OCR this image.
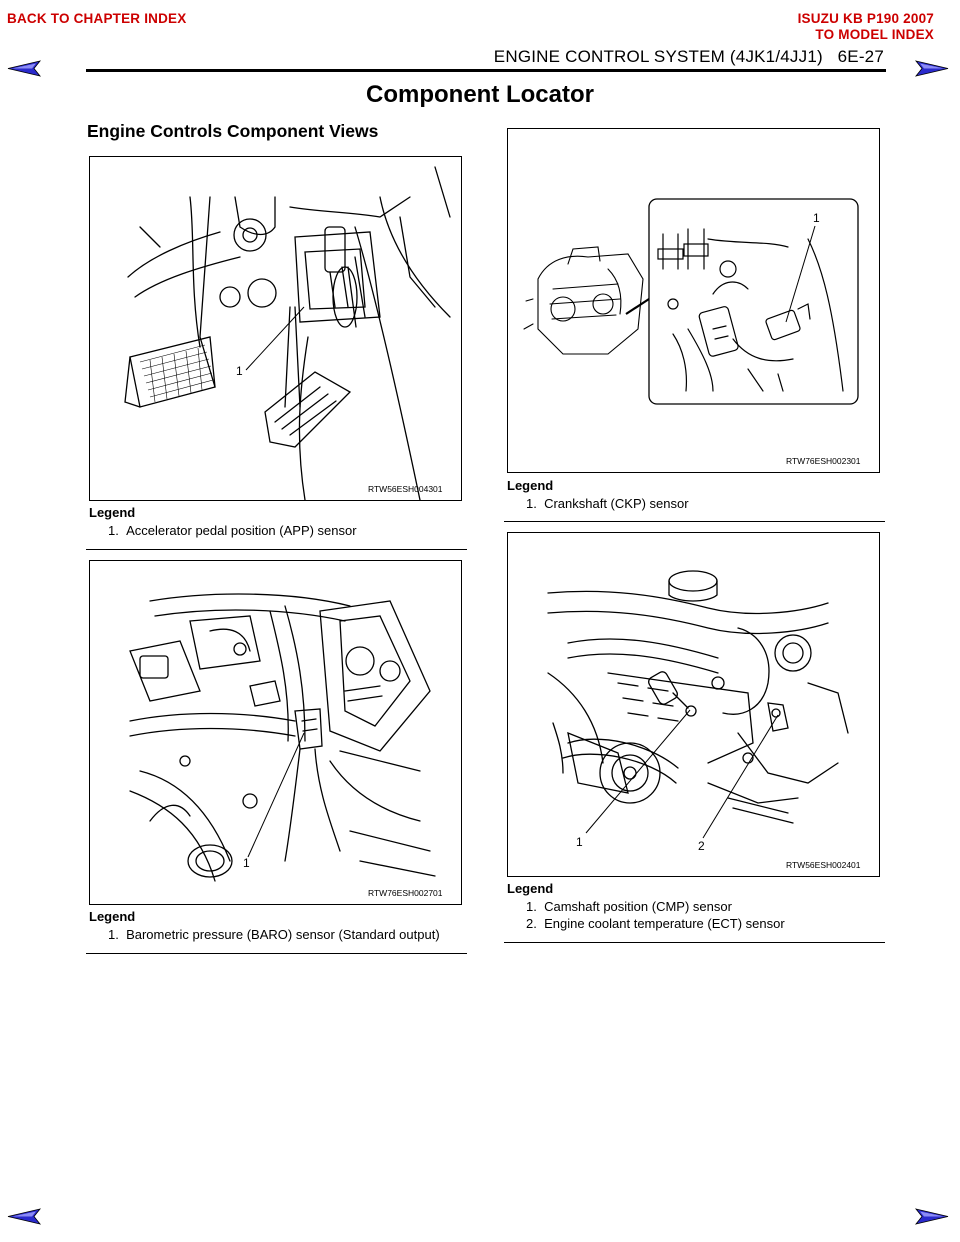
BACK TO CHAPTER INDEX	ISUZU KB P190 2007
TO MODEL INDEX
ENGINE CONTROL SYSTEM (4JK1/4JJ1) 6E-27
Component Locator
Engine Controls Component Views
1
RTW56ESH004301
Legend
1. Accelerator pedal position (APP) sensor
1
RTW76ESH002701
Legend
1. Barometric pressure (BARO) sensor (Standard output)
1
RTW76ESH002301
Legend
1. Crankshaft (CKP) sensor
1	2
RTW56ESH002401
Legend
1. Camshaft position (CMP) sensor
2. Engine coolant temperature (ECT) sensor
